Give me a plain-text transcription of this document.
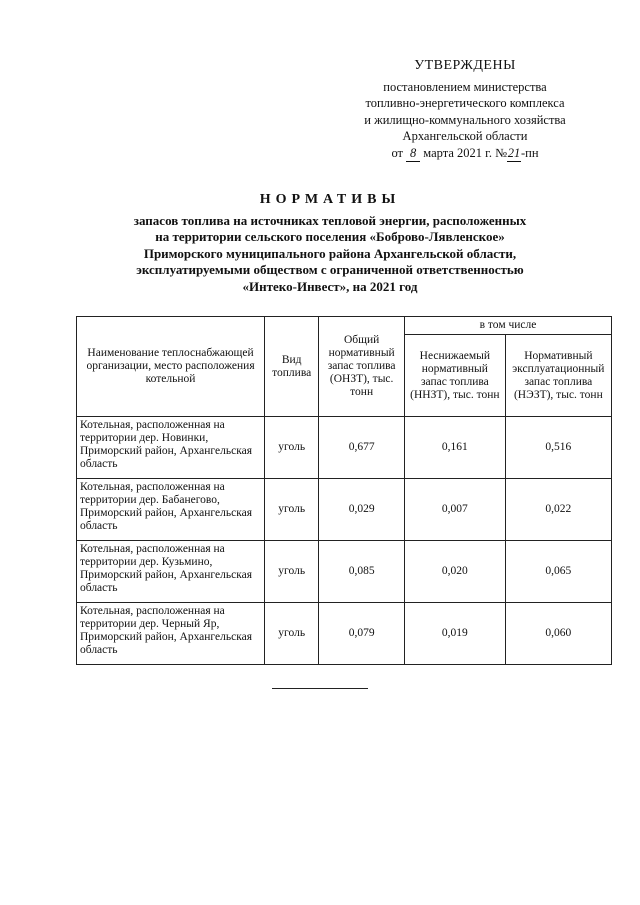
УТВЕРЖДЕНЫ
постановлением министерства
топливно-энергетического комплекса
и жилищно-коммунального хозяйства
Архангельской области
от 8 марта 2021 г. №21-пн
НОРМАТИВЫ
запасов топлива на источниках тепловой энергии, расположенных
на территории сельского поселения «Боброво-Лявленское»
Приморского муниципального района Архангельской области,
эксплуатируемыми обществом с ограниченной ответственностью
«Интеко-Инвест», на 2021 год
Наименование теплоснабжающей организации, место расположения котельной	Вид топлива	Общий нормативный запас топлива (ОНЗТ), тыс. тонн	в том числе	
			Неснижаемый нормативный запас топлива (ННЗТ), тыс. тонн	Нормативный эксплуатационный запас топлива (НЭЗТ), тыс. тонн
Котельная, расположенная на территории дер. Новинки, Приморский район, Архангельская область	уголь	0,677	0,161	0,516
Котельная, расположенная на территории дер. Бабанегово, Приморский район, Архангельская область	уголь	0,029	0,007	0,022
Котельная, расположенная на территории дер. Кузьмино, Приморский район, Архангельская область	уголь	0,085	0,020	0,065
Котельная, расположенная на территории дер. Черный Яр, Приморский район, Архангельская область	уголь	0,079	0,019	0,060
